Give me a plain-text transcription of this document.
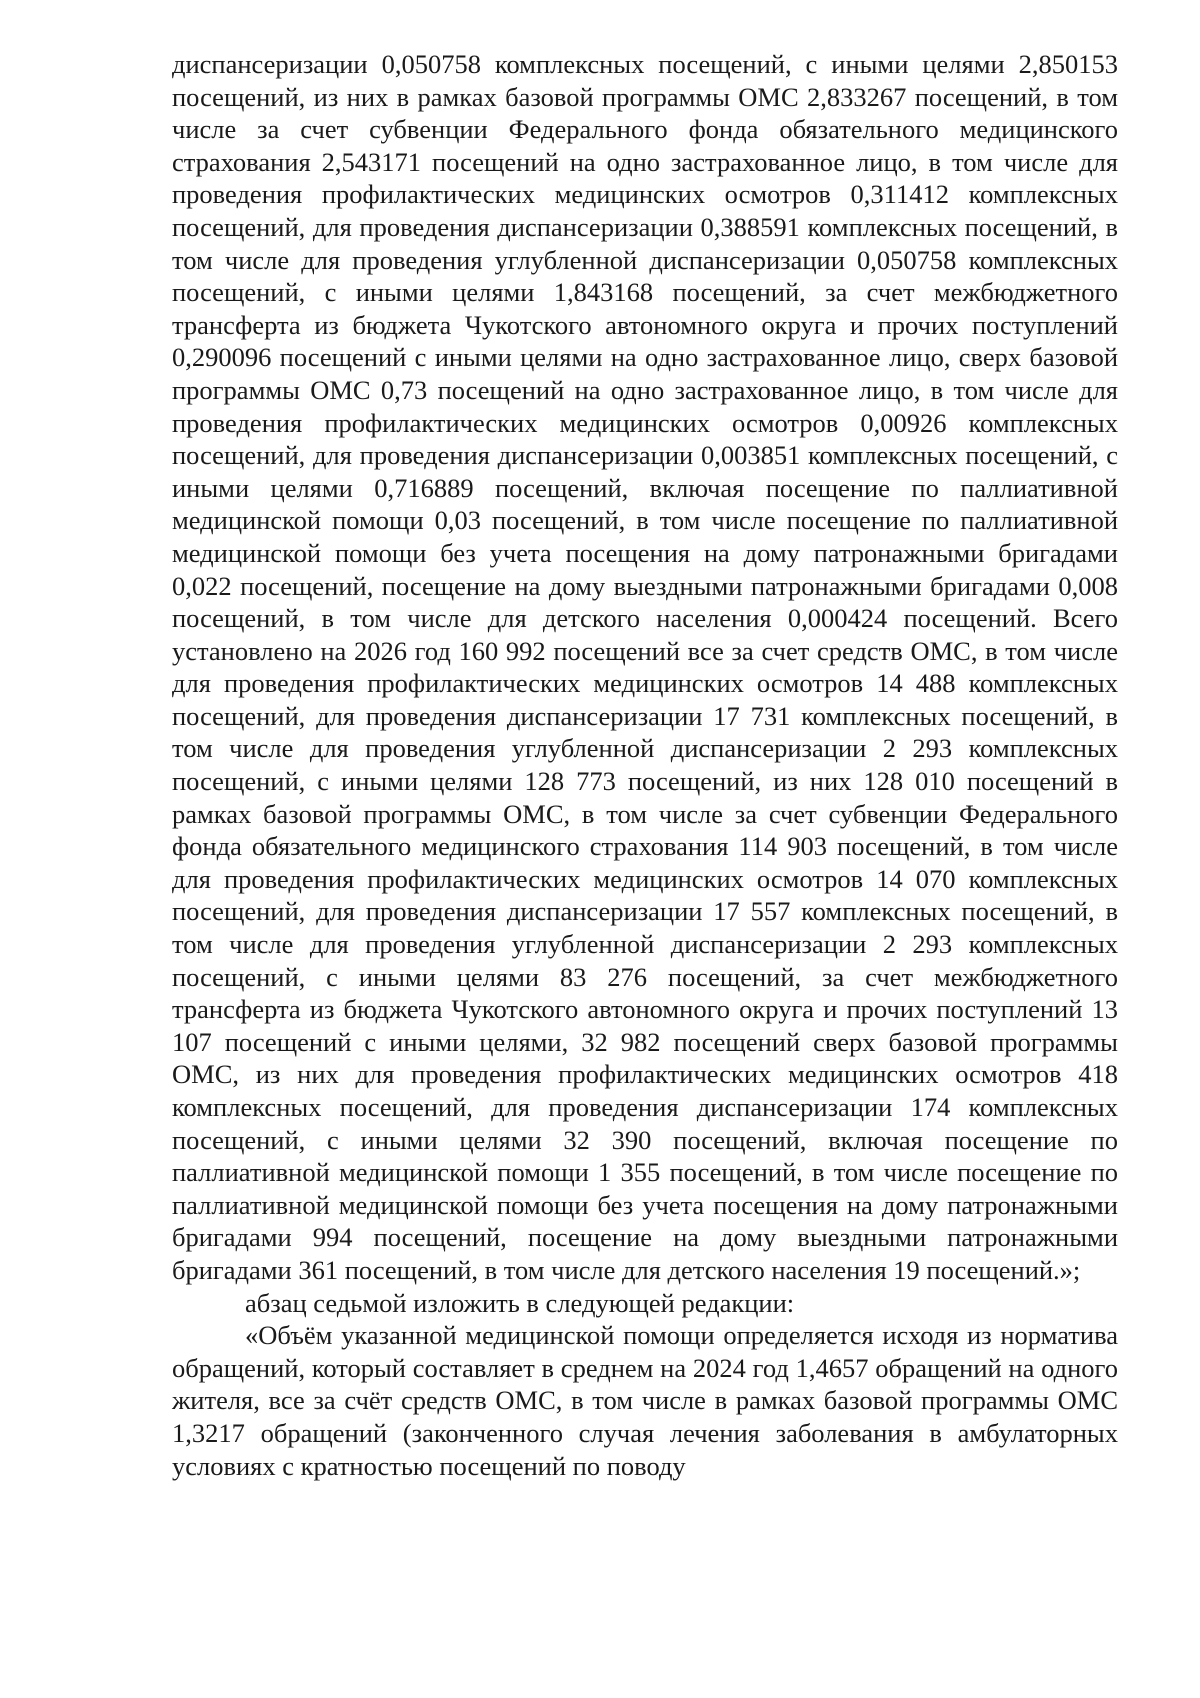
диспансеризации 0,050758 комплексных посещений, с иными целями 2,850153 посещений, из них в рамках базовой программы ОМС 2,833267 посещений, в том числе за счет субвенции Федерального фонда обязательного медицинского страхования 2,543171 посещений на одно застрахованное лицо, в том числе для проведения профилактических медицинских осмотров 0,311412 комплексных посещений, для проведения диспансеризации 0,388591 комплексных посещений, в том числе для проведения углубленной диспансеризации 0,050758 комплексных посещений, с иными целями 1,843168 посещений, за счет межбюджетного трансферта из бюджета Чукотского автономного округа и прочих поступлений 0,290096 посещений с иными целями на одно застрахованное лицо, сверх базовой программы ОМС 0,73 посещений на одно застрахованное лицо, в том числе для проведения профилактических медицинских осмотров 0,00926 комплексных посещений, для проведения диспансеризации 0,003851 комплексных посещений, с иными целями 0,716889 посещений, включая посещение по паллиативной медицинской помощи 0,03 посещений, в том числе посещение по паллиативной медицинской помощи без учета посещения на дому патронажными бригадами 0,022 посещений, посещение на дому выездными патронажными бригадами 0,008 посещений, в том числе для детского населения 0,000424 посещений. Всего установлено на 2026 год 160 992 посещений все за счет средств ОМС, в том числе для проведения профилактических медицинских осмотров 14 488 комплексных посещений, для проведения диспансеризации 17 731 комплексных посещений, в том числе для проведения углубленной диспансеризации 2 293 комплексных посещений, с иными целями 128 773 посещений, из них 128 010 посещений в рамках базовой программы ОМС, в том числе за счет субвенции Федерального фонда обязательного медицинского страхования 114 903 посещений, в том числе для проведения профилактических медицинских осмотров 14 070 комплексных посещений, для проведения диспансеризации 17 557 комплексных посещений, в том числе для проведения углубленной диспансеризации 2 293 комплексных посещений, с иными целями 83 276 посещений, за счет межбюджетного трансферта из бюджета Чукотского автономного округа и прочих поступлений 13 107 посещений с иными целями, 32 982 посещений сверх базовой программы ОМС, из них для проведения профилактических медицинских осмотров 418 комплексных посещений, для проведения диспансеризации 174 комплексных посещений, с иными целями 32 390 посещений, включая посещение по паллиативной медицинской помощи 1 355 посещений, в том числе посещение по паллиативной медицинской помощи без учета посещения на дому патронажными бригадами 994 посещений, посещение на дому выездными патронажными бригадами 361 посещений, в том числе для детского населения 19 посещений.»;

абзац седьмой изложить в следующей редакции:

«Объём указанной медицинской помощи определяется исходя из норматива обращений, который составляет в среднем на 2024 год 1,4657 обращений на одного жителя, все за счёт средств ОМС, в том числе в рамках базовой программы ОМС 1,3217 обращений (законченного случая лечения заболевания в амбулаторных условиях с кратностью посещений по поводу
